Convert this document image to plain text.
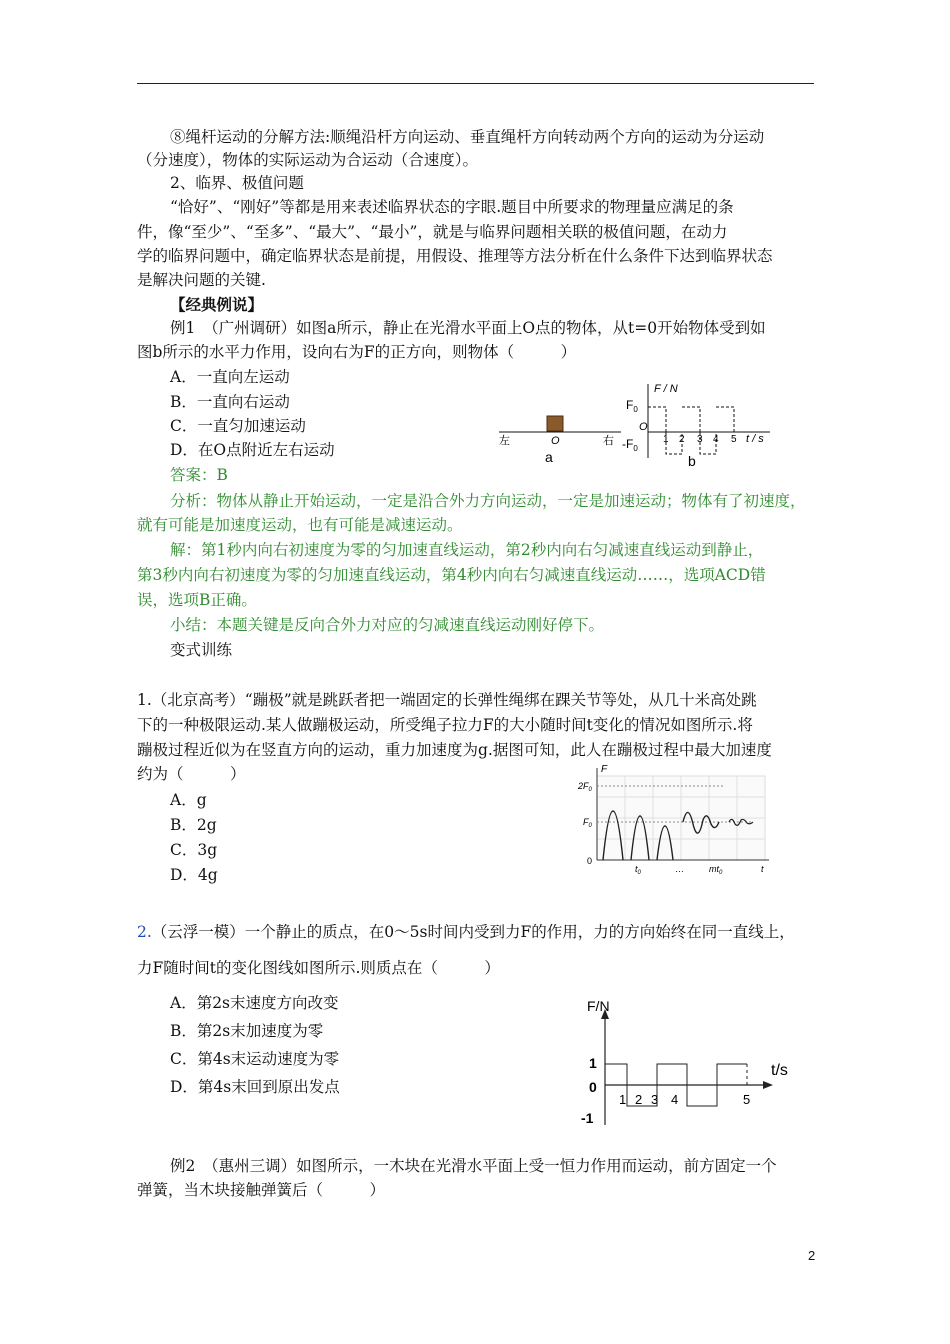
⑧绳杆运动的分解方法:顺绳沿杆方向运动、垂直绳杆方向转动两个方向的运动为分运动
（分速度），物体的实际运动为合运动（合速度）。
2、临界、极值问题
“恰好”、“刚好”等都是用来表述临界状态的字眼.题目中所要求的物理量应满足的条
件，像“至少”、“至多”、“最大”、“最小”，就是与临界问题相关联的极值问题，在动力
学的临界问题中，确定临界状态是前提，用假设、推理等方法分析在什么条件下达到临界状态
是解决问题的关键.
【经典例说】
例1　（广州调研）如图a所示，静止在光滑水平面上O点的物体，从t=0开始物体受到如
图b所示的水平力作用，设向右为F的正方向，则物体（　　　）
A．一直向左运动
B．一直向右运动
C．一直匀加速运动
D．在O点附近左右运动
答案：B
分析：物体从静止开始运动，一定是沿合外力方向运动，一定是加速运动；物体有了初速度，
就有可能是加速度运动，也有可能是减速运动。
解：第1秒内向右初速度为零的匀加速直线运动，第2秒内向右匀减速直线运动到静止，
第3秒内向右初速度为零的匀加速直线运动，第4秒内向右匀减速直线运动……，选项ACD错
误，选项B正确。
小结：本题关键是反向合外力对应的匀减速直线运动刚好停下。
变式训练
1.（北京高考）“蹦极”就是跳跃者把一端固定的长弹性绳绑在踝关节等处，从几十米高处跳
下的一种极限运动.某人做蹦极运动，所受绳子拉力F的大小随时间t变化的情况如图所示.将
蹦极过程近似为在竖直方向的运动，重力加速度为g.据图可知，此人在蹦极过程中最大加速度
约为（　　　）
A．g
B．2g
C．3g
D．4g
2.（云浮一模）一个静止的质点，在0～5s时间内受到力F的作用，力的方向始终在同一直线上，
力F随时间t的变化图线如图所示.则质点在（　　　）
A．第2s末速度方向改变
B．第2s末加速度为零
C．第4s末运动速度为零
D．第4s末回到原出发点
例2　（惠州三调）如图所示，一木块在光滑水平面上受一恒力作用而运动，前方固定一个
弹簧，当木块接触弹簧后（　　　）
左	O	右
a
F / N
$F_0$
O
$-F_0$
1 2 3 4 5 t / s
b
F
$2F_0$
$F_0$
0
$t_0$	…	$mt_0$	t
F/N
1
0
-1
t/s
1 2 3 4	5
2
